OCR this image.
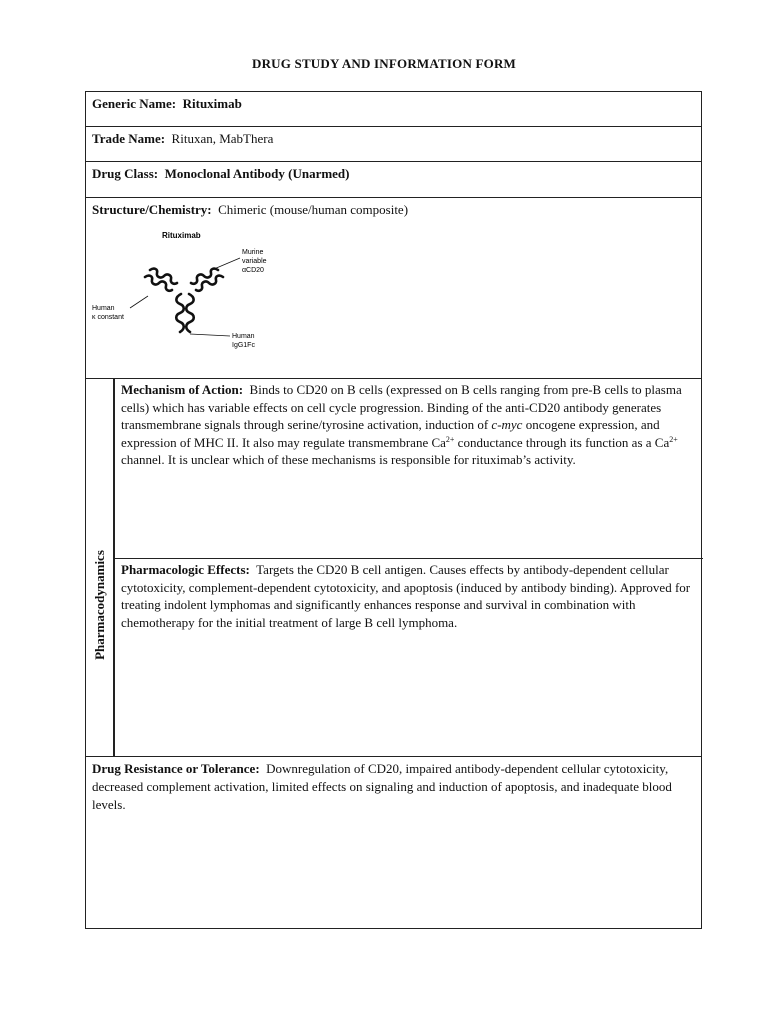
DRUG STUDY AND INFORMATION FORM
Generic Name: Rituximab
Trade Name: Rituxan, MabThera
Drug Class: Monoclonal Antibody (Unarmed)
Structure/Chemistry: Chimeric (mouse/human composite)
Rituximab
Murine
variable
αCD20
Human
κ constant
Human
IgG1Fc
Pharmacodynamics
Mechanism of Action: Binds to CD20 on B cells (expressed on B cells ranging from pre-B cells to plasma cells) which has variable effects on cell cycle progression. Binding of the anti-CD20 antibody generates transmembrane signals through serine/tyrosine activation, induction of c-myc oncogene expression, and expression of MHC II. It also may regulate transmembrane $Ca^{2+}$ conductance through its function as a $Ca^{2+}$ channel. It is unclear which of these mechanisms is responsible for rituximab’s activity.
Pharmacologic Effects: Targets the CD20 B cell antigen. Causes effects by antibody-dependent cellular cytotoxicity, complement-dependent cytotoxicity, and apoptosis (induced by antibody binding). Approved for treating indolent lymphomas and significantly enhances response and survival in combination with chemotherapy for the initial treatment of large B cell lymphoma.
Drug Resistance or Tolerance: Downregulation of CD20, impaired antibody-dependent cellular cytotoxicity, decreased complement activation, limited effects on signaling and induction of apoptosis, and inadequate blood levels.
